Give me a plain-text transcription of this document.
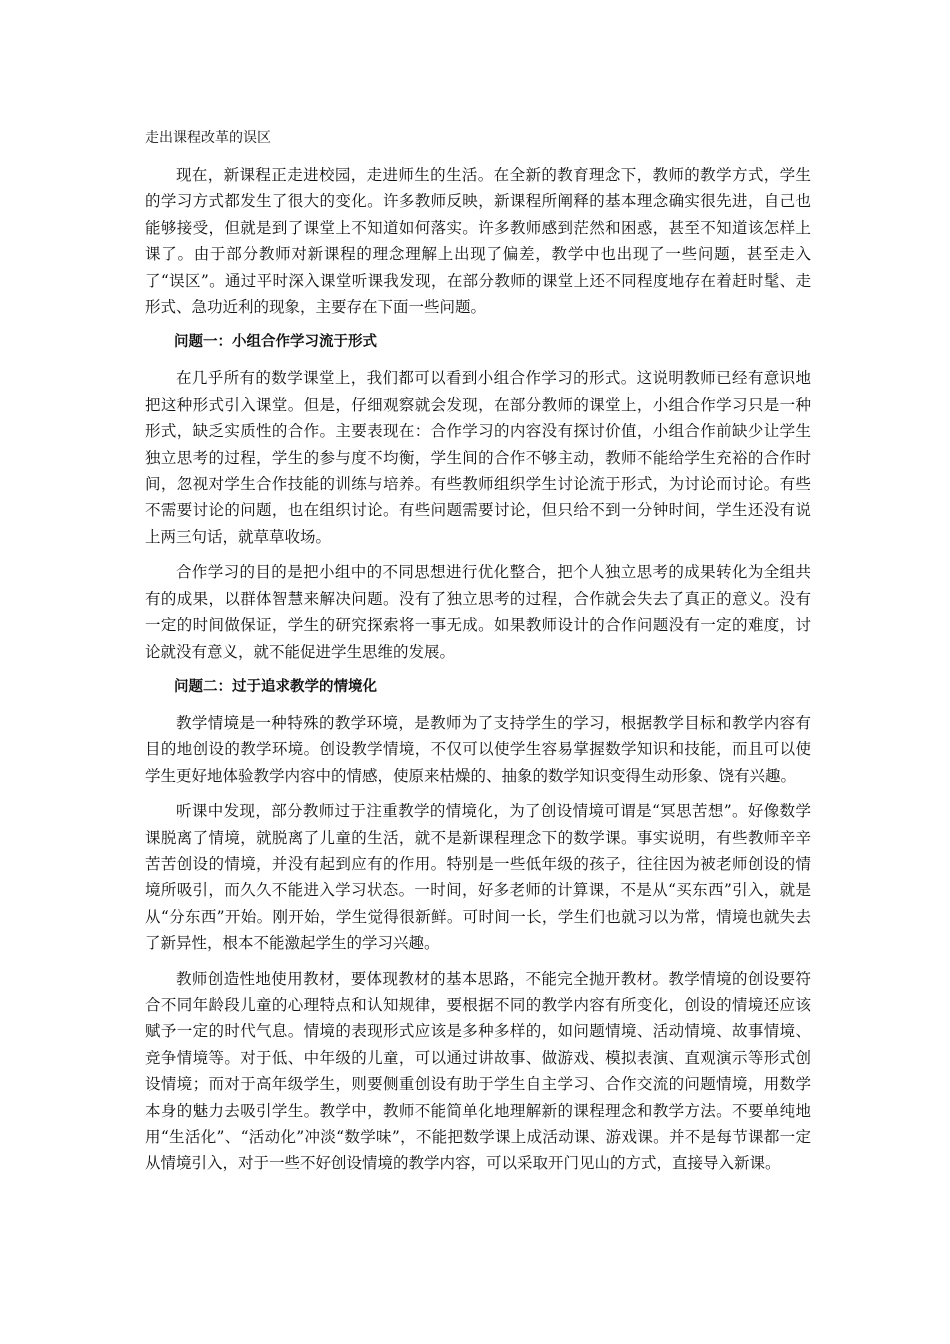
走出课程改革的误区

现在，新课程正走进校园，走进师生的生活。在全新的教育理念下，教师的教学方式，学生的学习方式都发生了很大的变化。许多教师反映，新课程所阐释的基本理念确实很先进，自己也能够接受，但就是到了课堂上不知道如何落实。许多教师感到茫然和困惑，甚至不知道该怎样上课了。由于部分教师对新课程的理念理解上出现了偏差，教学中也出现了一些问题，甚至走入了“误区”。通过平时深入课堂听课我发现，在部分教师的课堂上还不同程度地存在着赶时髦、走形式、急功近利的现象，主要存在下面一些问题。

问题一：小组合作学习流于形式

在几乎所有的数学课堂上，我们都可以看到小组合作学习的形式。这说明教师已经有意识地把这种形式引入课堂。但是，仔细观察就会发现，在部分教师的课堂上，小组合作学习只是一种形式，缺乏实质性的合作。主要表现在：合作学习的内容没有探讨价值，小组合作前缺少让学生独立思考的过程，学生的参与度不均衡，学生间的合作不够主动，教师不能给学生充裕的合作时间，忽视对学生合作技能的训练与培养。有些教师组织学生讨论流于形式，为讨论而讨论。有些不需要讨论的问题，也在组织讨论。有些问题需要讨论，但只给不到一分钟时间，学生还没有说上两三句话，就草草收场。

合作学习的目的是把小组中的不同思想进行优化整合，把个人独立思考的成果转化为全组共有的成果，以群体智慧来解决问题。没有了独立思考的过程，合作就会失去了真正的意义。没有一定的时间做保证，学生的研究探索将一事无成。如果教师设计的合作问题没有一定的难度，讨论就没有意义，就不能促进学生思维的发展。

问题二：过于追求教学的情境化

教学情境是一种特殊的教学环境，是教师为了支持学生的学习，根据教学目标和教学内容有目的地创设的教学环境。创设教学情境，不仅可以使学生容易掌握数学知识和技能，而且可以使学生更好地体验教学内容中的情感，使原来枯燥的、抽象的数学知识变得生动形象、饶有兴趣。

听课中发现，部分教师过于注重教学的情境化，为了创设情境可谓是“冥思苦想”。好像数学课脱离了情境，就脱离了儿童的生活，就不是新课程理念下的数学课。事实说明，有些教师辛辛苦苦创设的情境，并没有起到应有的作用。特别是一些低年级的孩子，往往因为被老师创设的情境所吸引，而久久不能进入学习状态。一时间，好多老师的计算课，不是从“买东西”引入，就是从“分东西”开始。刚开始，学生觉得很新鲜。可时间一长，学生们也就习以为常，情境也就失去了新异性，根本不能激起学生的学习兴趣。

教师创造性地使用教材，要体现教材的基本思路，不能完全抛开教材。教学情境的创设要符合不同年龄段儿童的心理特点和认知规律，要根据不同的教学内容有所变化，创设的情境还应该赋予一定的时代气息。情境的表现形式应该是多种多样的，如问题情境、活动情境、故事情境、竞争情境等。对于低、中年级的儿童，可以通过讲故事、做游戏、模拟表演、直观演示等形式创设情境；而对于高年级学生，则要侧重创设有助于学生自主学习、合作交流的问题情境，用数学本身的魅力去吸引学生。教学中，教师不能简单化地理解新的课程理念和教学方法。不要单纯地用“生活化”、“活动化”冲淡“数学味”，不能把数学课上成活动课、游戏课。并不是每节课都一定从情境引入，对于一些不好创设情境的教学内容，可以采取开门见山的方式，直接导入新课。
